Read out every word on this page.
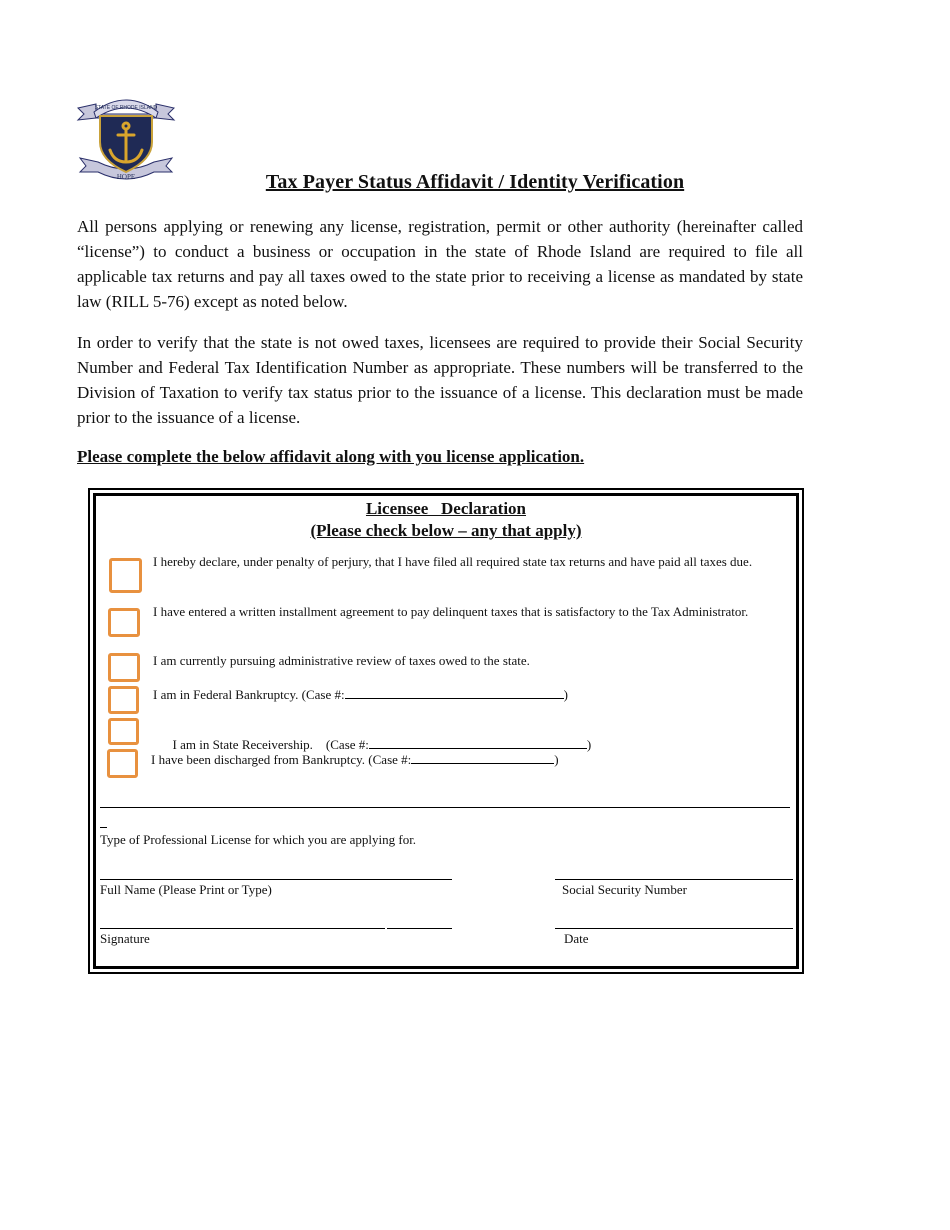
STATE OF RHODE ISLAND
HOPE	Tax Payer Status Affidavit / Identity Verification

All persons applying or renewing any license, registration, permit or other authority (hereinafter called “license”) to conduct a business or occupation in the state of Rhode Island are required to file all applicable tax returns and pay all taxes owed to the state prior to receiving a license as mandated by state law (RILL 5-76) except as noted below.

In order to verify that the state is not owed taxes, licensees are required to provide their Social Security Number and Federal Tax Identification Number as appropriate. These numbers will be transferred to the Division of Taxation to verify tax status prior to the issuance of a license. This declaration must be made prior to the issuance of a license.

Please complete the below affidavit along with you license application.

Licensee   Declaration

(Please check below – any that apply)

I hereby declare, under penalty of perjury, that I have filed all required state tax returns and have paid all taxes due.

I have entered a written installment agreement to pay delinquent taxes that is satisfactory to the Tax Administrator.

I am currently pursuing administrative review of taxes owed to the state.

I am in Federal Bankruptcy. (Case #:	)

I am in State Receivership.    (Case #:	)

I have been discharged from Bankruptcy. (Case #:	)

Type of Professional License for which you are applying for.

Full Name (Please Print or Type)	Social Security Number

Signature	Date
